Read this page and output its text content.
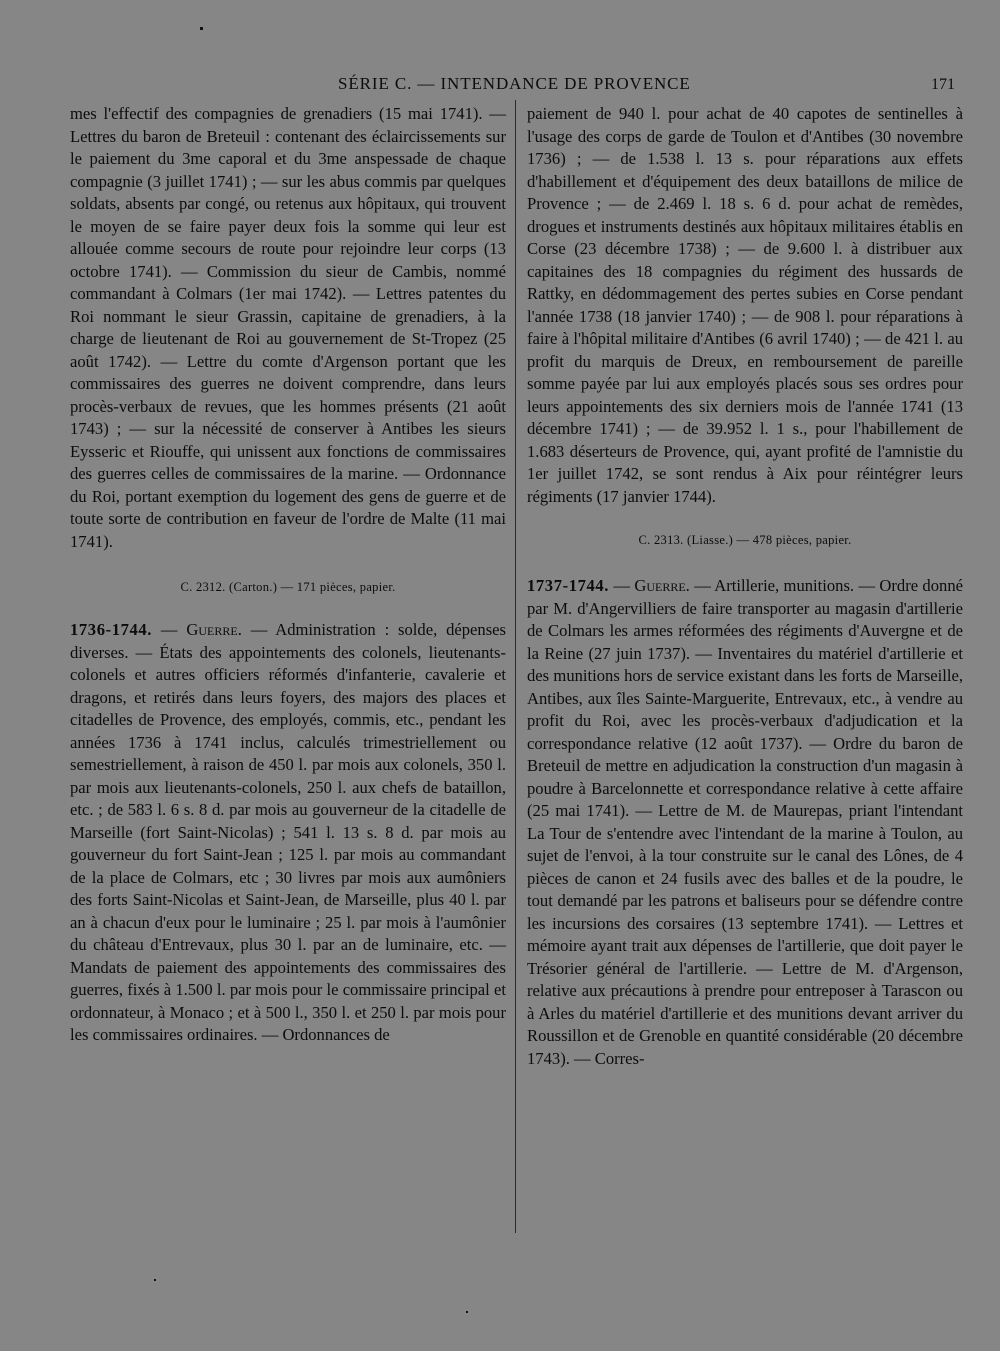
SÉRIE C. — INTENDANCE DE PROVENCE	171

mes l'effectif des compagnies de grenadiers (15 mai 1741). — Lettres du baron de Breteuil : contenant des éclaircissements sur le paiement du 3me caporal et du 3me anspessade de chaque compagnie (3 juillet 1741) ; — sur les abus commis par quelques soldats, absents par congé, ou retenus aux hôpitaux, qui trouvent le moyen de se faire payer deux fois la somme qui leur est allouée comme secours de route pour rejoindre leur corps (13 octobre 1741). — Commission du sieur de Cambis, nommé commandant à Colmars (1er mai 1742). — Lettres patentes du Roi nommant le sieur Grassin, capitaine de grenadiers, à la charge de lieutenant de Roi au gouvernement de St-Tropez (25 août 1742). — Lettre du comte d'Argenson portant que les commissaires des guerres ne doivent comprendre, dans leurs procès-verbaux de revues, que les hommes présents (21 août 1743) ; — sur la nécessité de conserver à Antibes les sieurs Eysseric et Riouffe, qui unissent aux fonctions de commissaires des guerres celles de commissaires de la marine. — Ordonnance du Roi, portant exemption du logement des gens de guerre et de toute sorte de contribution en faveur de l'ordre de Malte (11 mai 1741).

C. 2312. (Carton.) — 171 pièces, papier.

1736-1744. — Guerre. — Administration : solde, dépenses diverses. — États des appointements des colonels, lieutenants-colonels et autres officiers réformés d'infanterie, cavalerie et dragons, et retirés dans leurs foyers, des majors des places et citadelles de Provence, des employés, commis, etc., pendant les années 1736 à 1741 inclus, calculés trimestriellement ou semestriellement, à raison de 450 l. par mois aux colonels, 350 l. par mois aux lieutenants-colonels, 250 l. aux chefs de bataillon, etc. ; de 583 l. 6 s. 8 d. par mois au gouverneur de la citadelle de Marseille (fort Saint-Nicolas) ; 541 l. 13 s. 8 d. par mois au gouverneur du fort Saint-Jean ; 125 l. par mois au commandant de la place de Colmars, etc ; 30 livres par mois aux aumôniers des forts Saint-Nicolas et Saint-Jean, de Marseille, plus 40 l. par an à chacun d'eux pour le luminaire ; 25 l. par mois à l'aumônier du château d'Entrevaux, plus 30 l. par an de luminaire, etc. — Mandats de paiement des appointements des commissaires des guerres, fixés à 1.500 l. par mois pour le commissaire principal et ordonnateur, à Monaco ; et à 500 l., 350 l. et 250 l. par mois pour les commissaires ordinaires. — Ordonnances de

paiement de 940 l. pour achat de 40 capotes de sentinelles à l'usage des corps de garde de Toulon et d'Antibes (30 novembre 1736) ; — de 1.538 l. 13 s. pour réparations aux effets d'habillement et d'équipement des deux bataillons de milice de Provence ; — de 2.469 l. 18 s. 6 d. pour achat de remèdes, drogues et instruments destinés aux hôpitaux militaires établis en Corse (23 décembre 1738) ; — de 9.600 l. à distribuer aux capitaines des 18 compagnies du régiment des hussards de Rattky, en dédommagement des pertes subies en Corse pendant l'année 1738 (18 janvier 1740) ; — de 908 l. pour réparations à faire à l'hôpital militaire d'Antibes (6 avril 1740) ; — de 421 l. au profit du marquis de Dreux, en remboursement de pareille somme payée par lui aux employés placés sous ses ordres pour leurs appointements des six derniers mois de l'année 1741 (13 décembre 1741) ; — de 39.952 l. 1 s., pour l'habillement de 1.683 déserteurs de Provence, qui, ayant profité de l'amnistie du 1er juillet 1742, se sont rendus à Aix pour réintégrer leurs régiments (17 janvier 1744).

C. 2313. (Liasse.) — 478 pièces, papier.

1737-1744. — Guerre. — Artillerie, munitions. — Ordre donné par M. d'Angervilliers de faire transporter au magasin d'artillerie de Colmars les armes réformées des régiments d'Auvergne et de la Reine (27 juin 1737). — Inventaires du matériel d'artillerie et des munitions hors de service existant dans les forts de Marseille, Antibes, aux îles Sainte-Marguerite, Entrevaux, etc., à vendre au profit du Roi, avec les procès-verbaux d'adjudication et la correspondance relative (12 août 1737). — Ordre du baron de Breteuil de mettre en adjudication la construction d'un magasin à poudre à Barcelonnette et correspondance relative à cette affaire (25 mai 1741). — Lettre de M. de Maurepas, priant l'intendant La Tour de s'entendre avec l'intendant de la marine à Toulon, au sujet de l'envoi, à la tour construite sur le canal des Lônes, de 4 pièces de canon et 24 fusils avec des balles et de la poudre, le tout demandé par les patrons et baliseurs pour se défendre contre les incursions des corsaires (13 septembre 1741). — Lettres et mémoire ayant trait aux dépenses de l'artillerie, que doit payer le Trésorier général de l'artillerie. — Lettre de M. d'Argenson, relative aux précautions à prendre pour entreposer à Tarascon ou à Arles du matériel d'artillerie et des munitions devant arriver du Roussillon et de Grenoble en quantité considérable (20 décembre 1743). — Corres-
